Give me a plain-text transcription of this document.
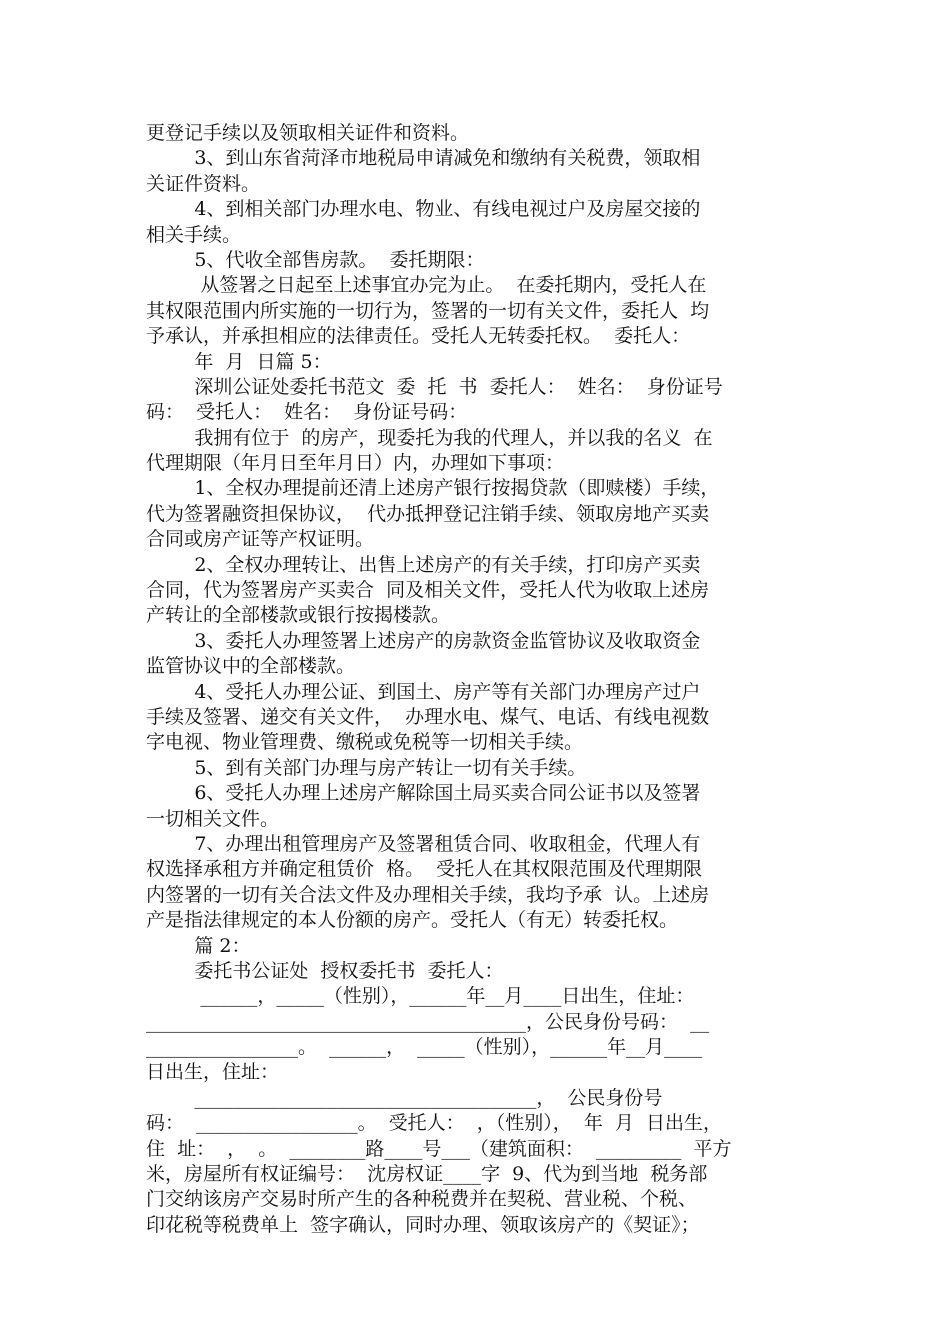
更登记手续以及领取相关证件和资料。
3、到山东省菏泽市地税局申请减免和缴纳有关税费，领取相
关证件资料。
4、到相关部门办理水电、物业、有线电视过户及房屋交接的
相关手续。
5、代收全部售房款。  委托期限：
从签署之日起至上述事宜办完为止。  在委托期内，受托人在
其权限范围内所实施的一切行为，签署的一切有关文件，委托人  均
予承认，并承担相应的法律责任。受托人无转委托权。  委托人：
年  月  日篇 5：
深圳公证处委托书范文  委  托  书  委托人：  姓名：  身份证号
码：  受托人：  姓名：  身份证号码：
我拥有位于  的房产，现委托为我的代理人，并以我的名义  在
代理期限（年月日至年月日）内，办理如下事项：
1、全权办理提前还清上述房产银行按揭贷款（即赎楼）手续，
代为签署融资担保协议，  代办抵押登记注销手续、领取房地产买卖
合同或房产证等产权证明。
2、全权办理转让、出售上述房产的有关手续，打印房产买卖
合同，代为签署房产买卖合  同及相关文件，受托人代为收取上述房
产转让的全部楼款或银行按揭楼款。
3、委托人办理签署上述房产的房款资金监管协议及收取资金
监管协议中的全部楼款。
4、受托人办理公证、到国土、房产等有关部门办理房产过户
手续及签署、递交有关文件，  办理水电、煤气、电话、有线电视数
字电视、物业管理费、缴税或免税等一切相关手续。
5、到有关部门办理与房产转让一切有关手续。
6、受托人办理上述房产解除国土局买卖合同公证书以及签署
一切相关文件。
7、办理出租管理房产及签署租赁合同、收取租金，代理人有
权选择承租方并确定租赁价  格。  受托人在其权限范围及代理期限
内签署的一切有关合法文件及办理相关手续，我均予承  认。上述房
产是指法律规定的本人份额的房产。受托人（有无）转委托权。
篇 2：
委托书公证处  授权委托书  委托人：
______，_____（性别），______年__月____日出生，住址：
________________________________________，公民身份号码：  __
________________。  ______，  _____（性别），______年__月____
日出生，住址：
____________________________________，  公民身份号
码：  _________________。  受托人：  ，（性别），  年  月  日出生，
住  址：  ，  。  ________路____号___（建筑面积：  _________  平方
米，房屋所有权证编号：  沈房权证____字  9、代为到当地  税务部
门交纳该房产交易时所产生的各种税费并在契税、营业税、个税、
印花税等税费单上  签字确认，同时办理、领取该房产的《契证》；
